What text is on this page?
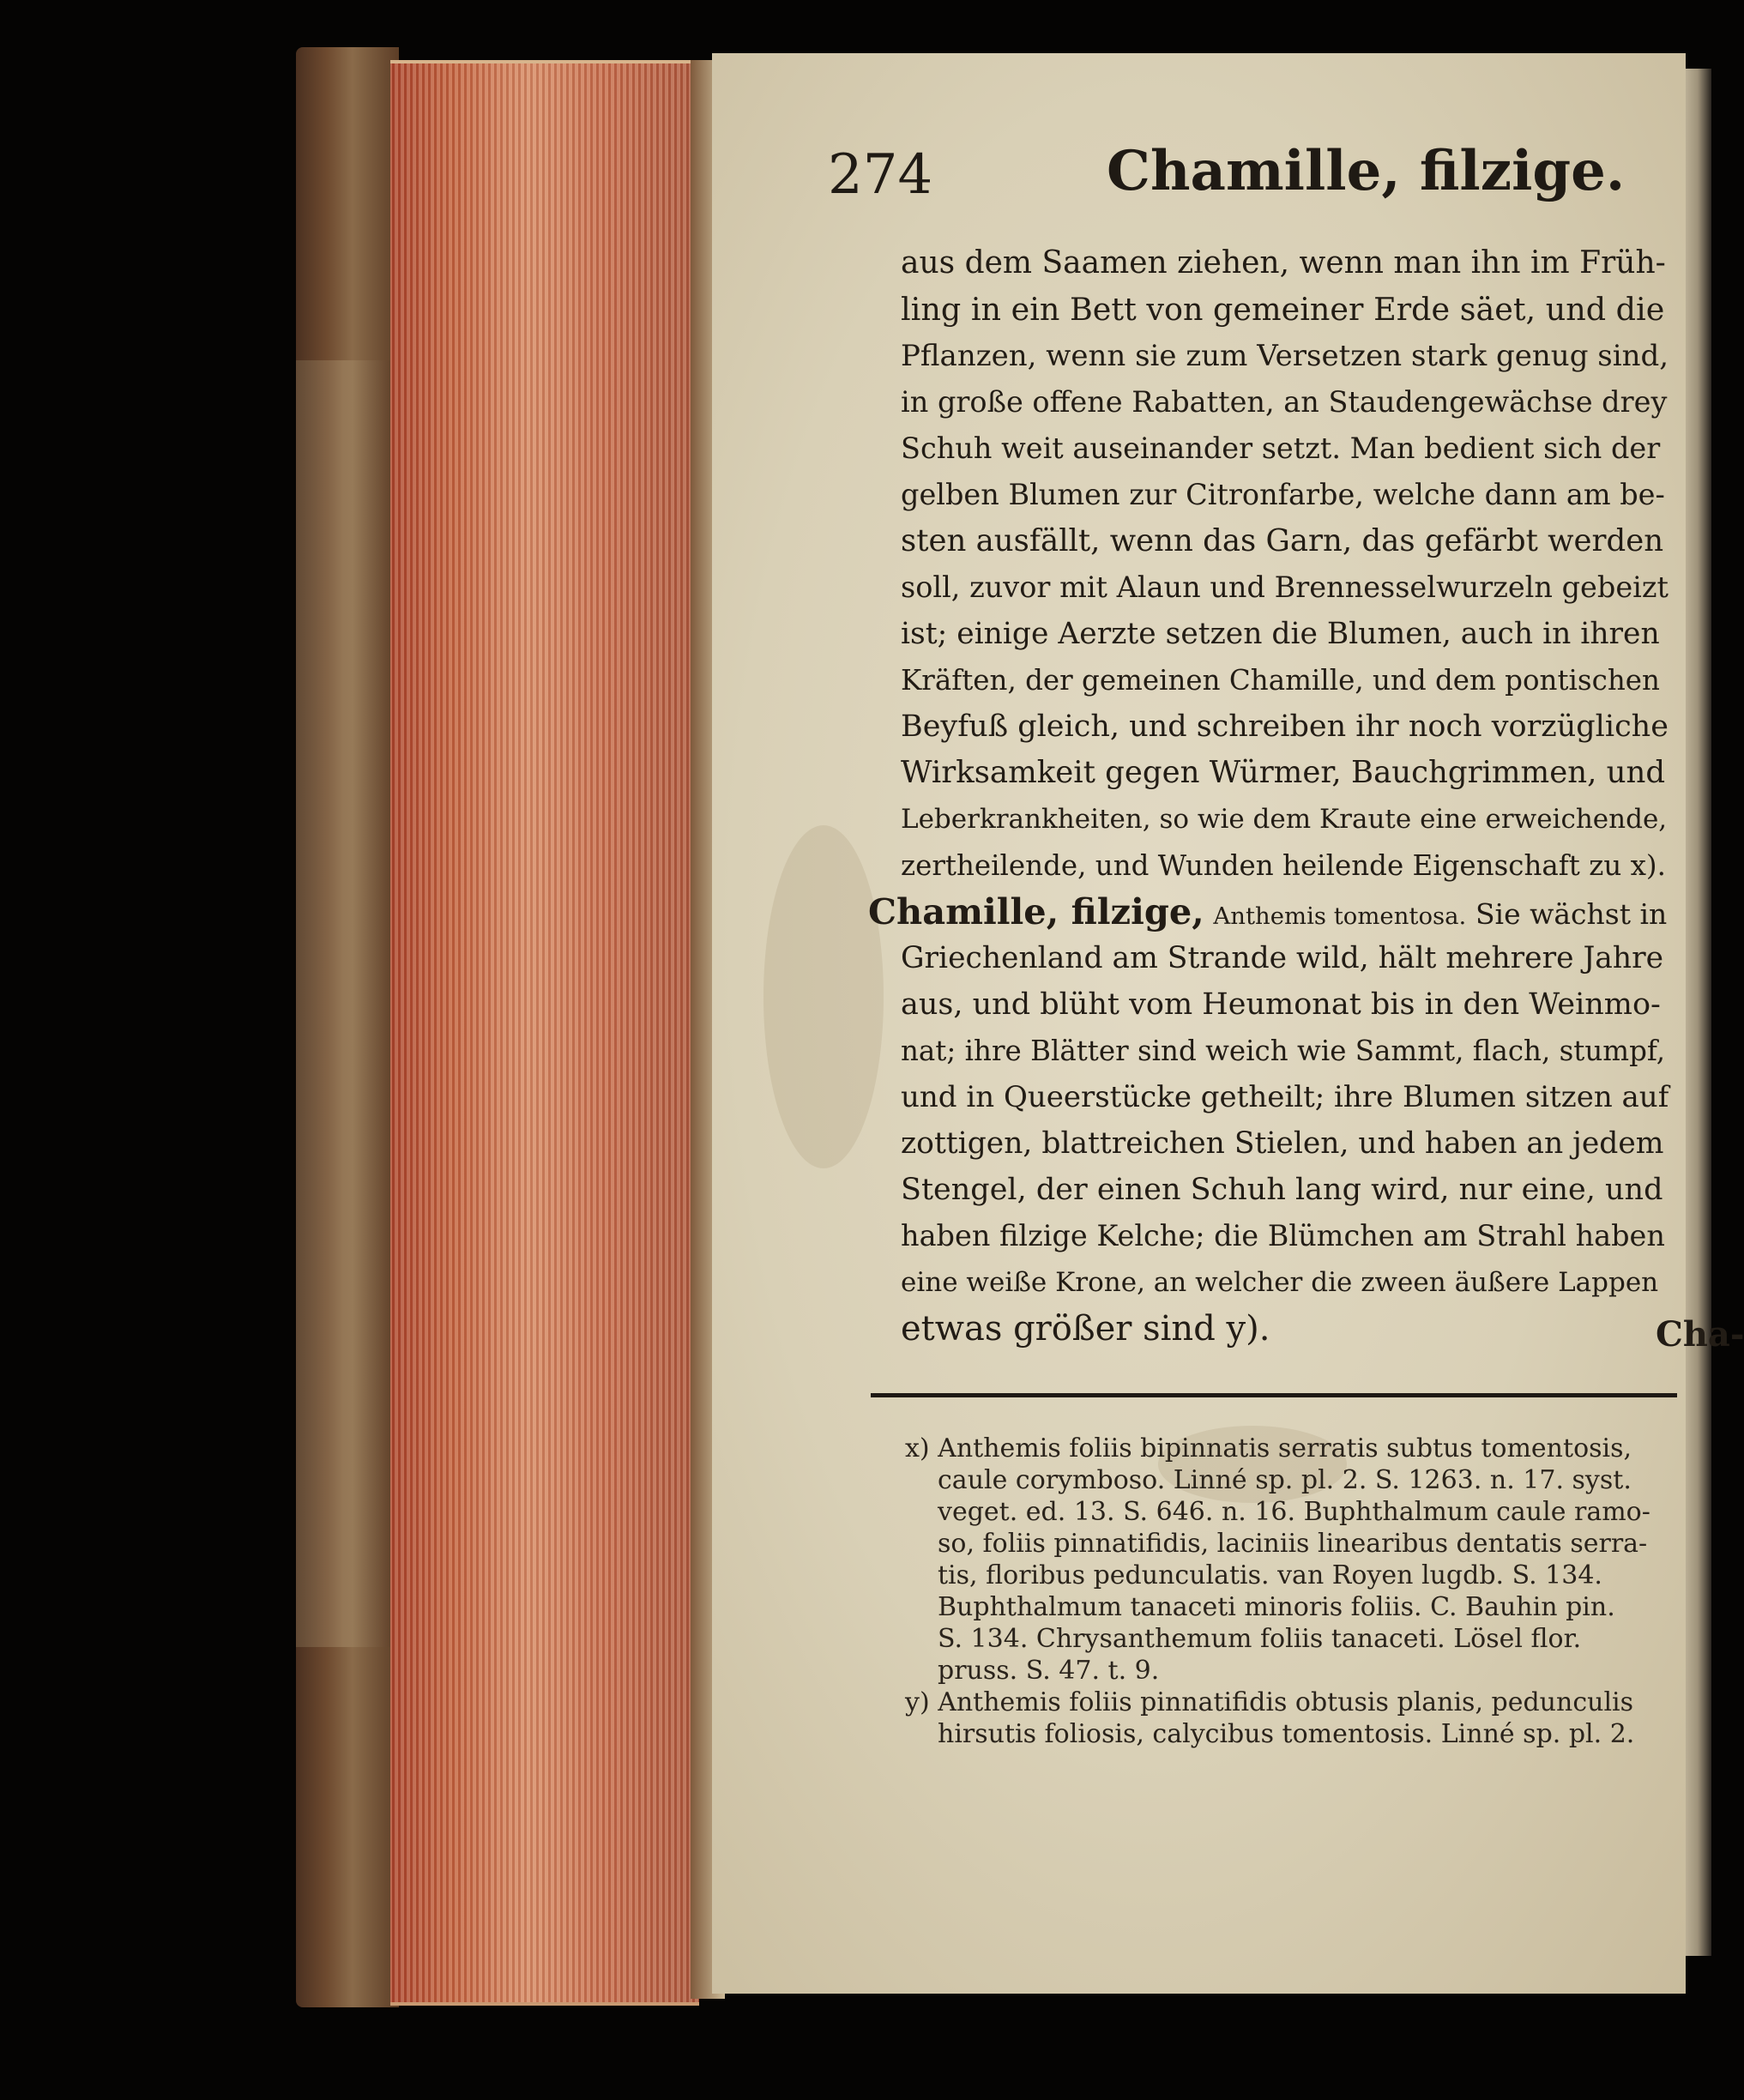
274	Chamille, filzige.
aus dem Saamen ziehen, wenn man ihn im Früh-
ling in ein Bett von gemeiner Erde säet, und die
Pflanzen, wenn sie zum Versetzen stark genug sind,
in große offene Rabatten, an Staudengewächse drey
Schuh weit auseinander setzt. Man bedient sich der
gelben Blumen zur Citronfarbe, welche dann am be-
sten ausfällt, wenn das Garn, das gefärbt werden
soll, zuvor mit Alaun und Brennesselwurzeln gebeizt
ist; einige Aerzte setzen die Blumen, auch in ihren
Kräften, der gemeinen Chamille, und dem pontischen
Beyfuß gleich, und schreiben ihr noch vorzügliche
Wirksamkeit gegen Würmer, Bauchgrimmen, und
Leberkrankheiten, so wie dem Kraute eine erweichende,
zertheilende, und Wunden heilende Eigenschaft zu x).
Chamille, filzige, Anthemis tomentosa. Sie wächst in
Griechenland am Strande wild, hält mehrere Jahre
aus, und blüht vom Heumonat bis in den Weinmo-
nat; ihre Blätter sind weich wie Sammt, flach, stumpf,
und in Queerstücke getheilt; ihre Blumen sitzen auf
zottigen, blattreichen Stielen, und haben an jedem
Stengel, der einen Schuh lang wird, nur eine, und
haben filzige Kelche; die Blümchen am Strahl haben
eine weiße Krone, an welcher die zween äußere Lappen
etwas größer sind y).	Cha-
x) Anthemis foliis bipinnatis serratis subtus tomentosis,
caule corymboso. Linné sp. pl. 2. S. 1263. n. 17. syst.
veget. ed. 13. S. 646. n. 16. Buphthalmum caule ramo-
so, foliis pinnatifidis, laciniis linearibus dentatis serra-
tis, floribus pedunculatis. van Royen lugdb. S. 134.
Buphthalmum tanaceti minoris foliis. C. Bauhin pin.
S. 134. Chrysanthemum foliis tanaceti. Lösel flor.
pruss. S. 47. t. 9.
y) Anthemis foliis pinnatifidis obtusis planis, pedunculis
hirsutis foliosis, calycibus tomentosis. Linné sp. pl. 2.
